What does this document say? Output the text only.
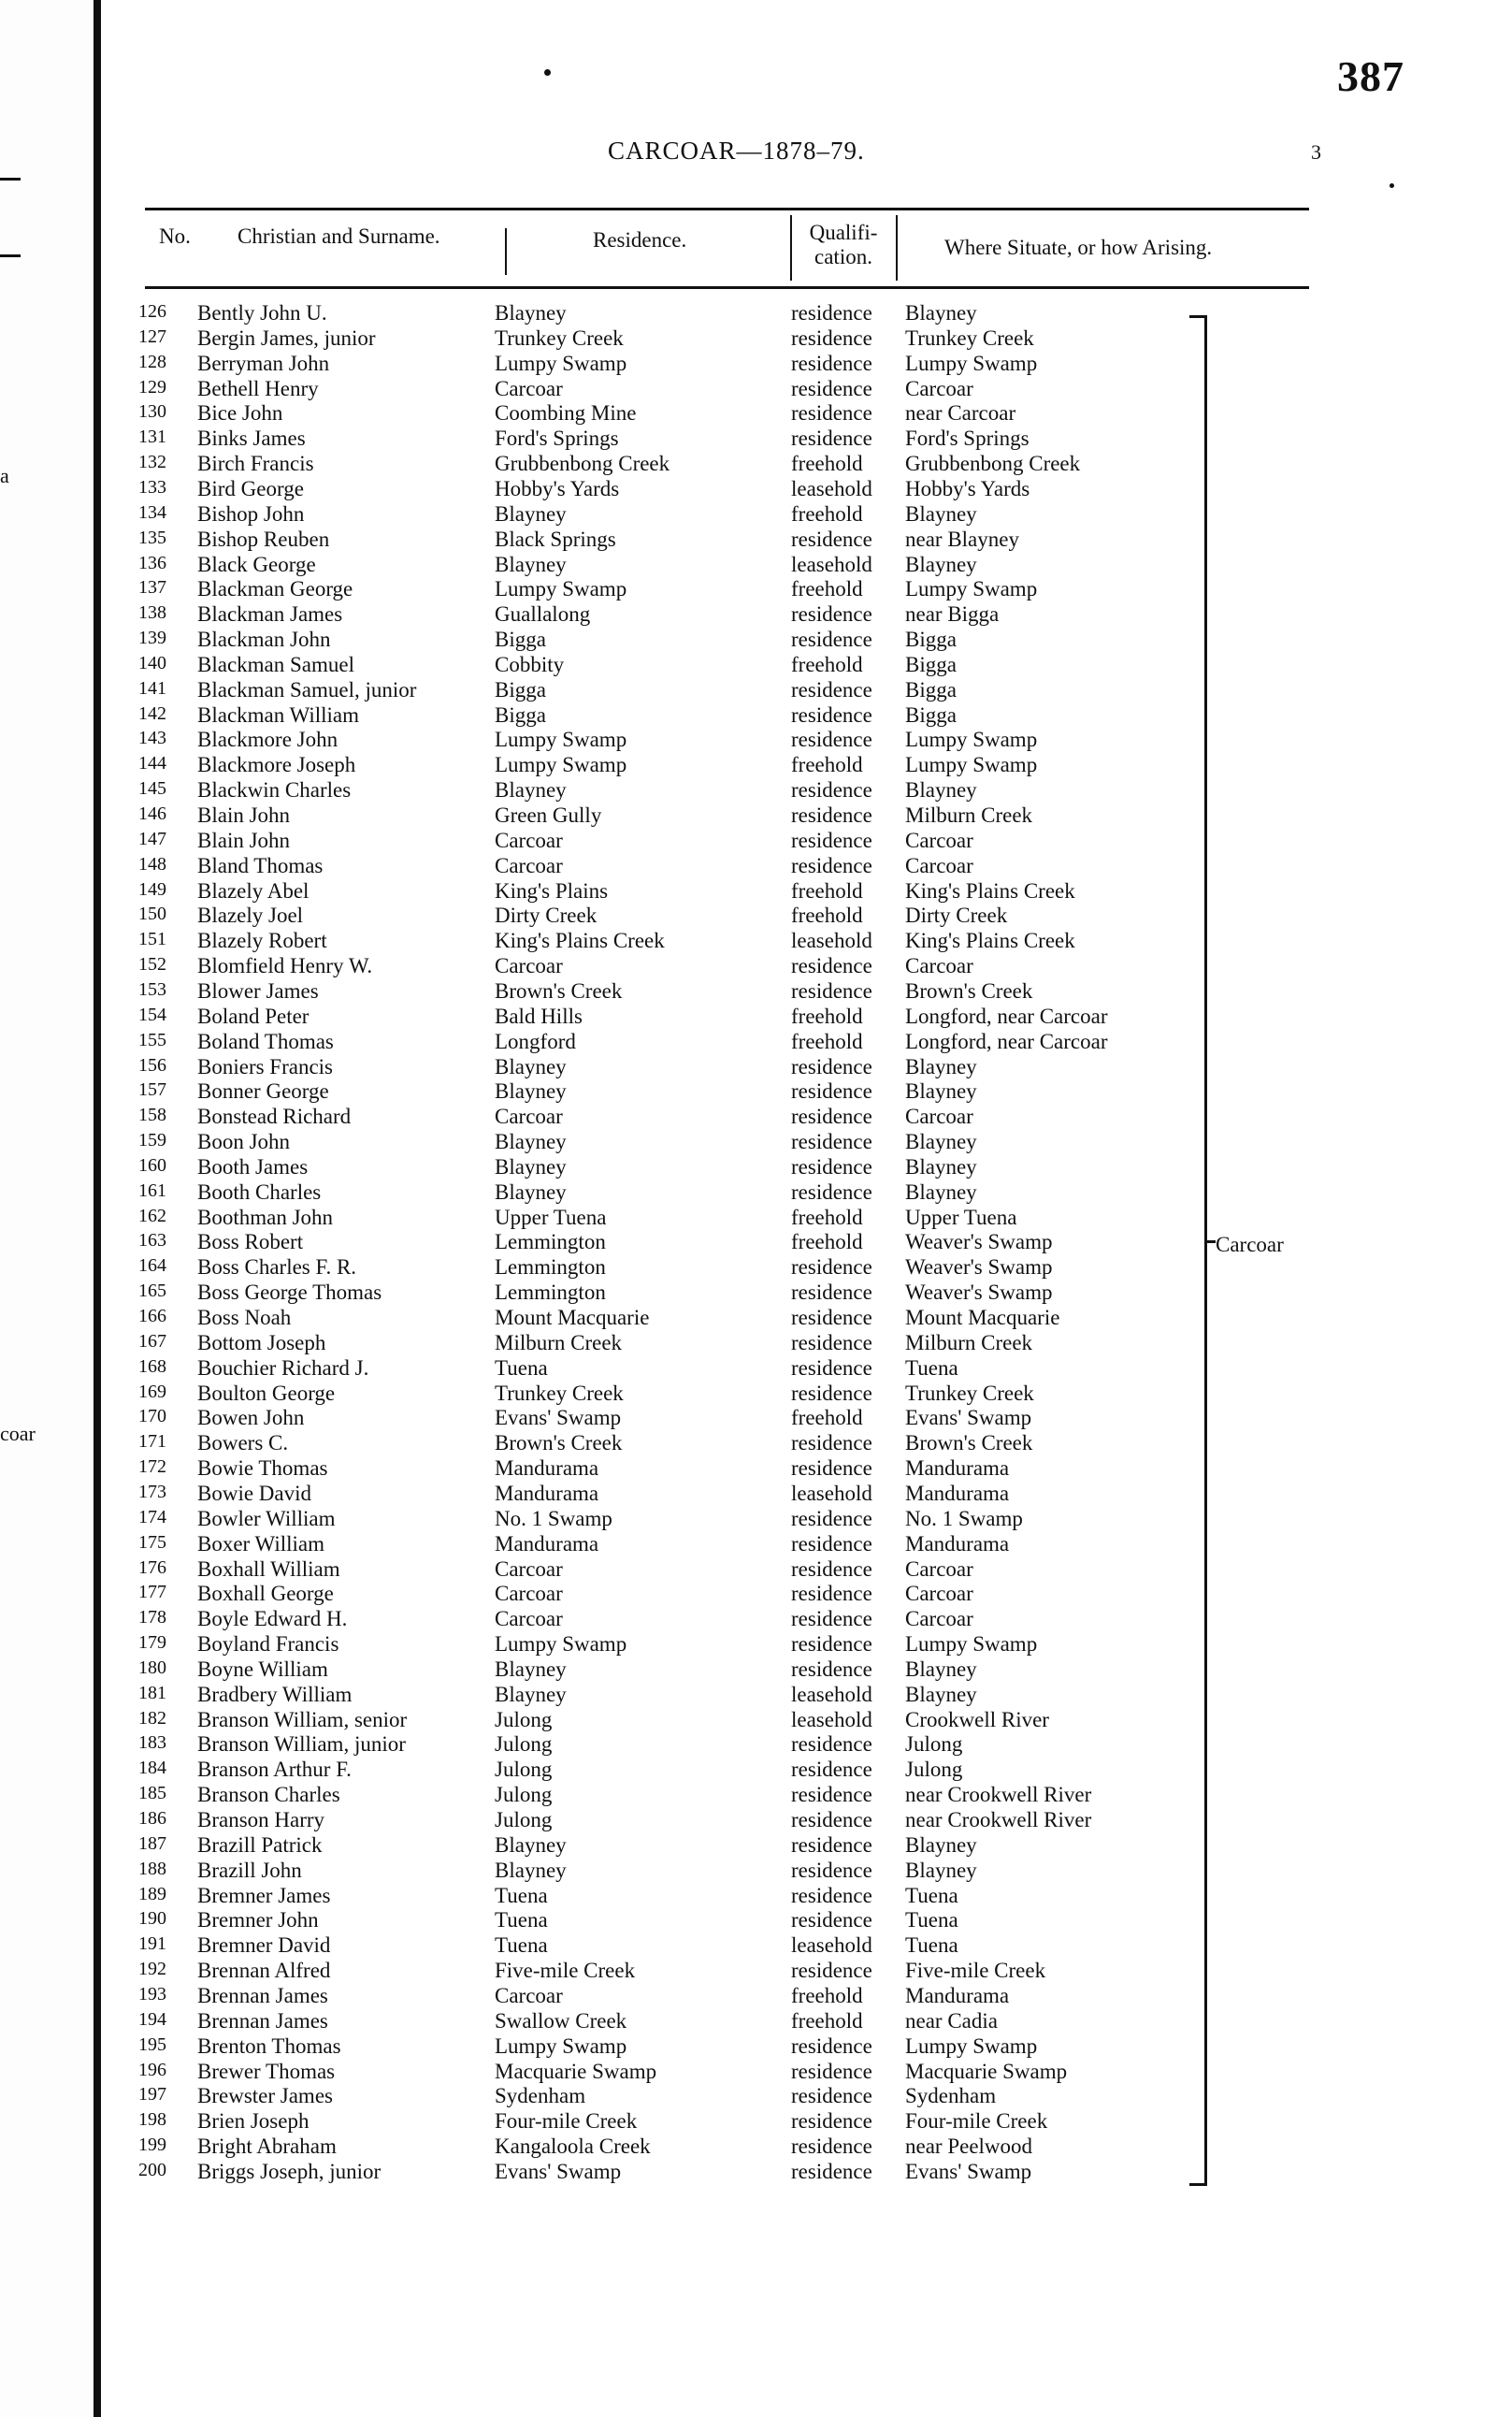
a
coar
387
CARCOAR—1878–79.	3
No. Christian and Surname.	Residence.	Qualifi-
cation.	Where Situate, or how Arising.
126	Bently John U.	Blayney	residence Blayney
127	Bergin James, junior	Trunkey Creek	residence Trunkey Creek
128	Berryman John	Lumpy Swamp	residence Lumpy Swamp
129	Bethell Henry	Carcoar	residence Carcoar
130	Bice John	Coombing Mine	residence near Carcoar
131	Binks James	Ford's Springs	residence Ford's Springs
132	Birch Francis	Grubbenbong Creek	freehold Grubbenbong Creek
133	Bird George	Hobby's Yards	leasehold Hobby's Yards
134	Bishop John	Blayney	freehold Blayney
135	Bishop Reuben	Black Springs	residence near Blayney
136	Black George	Blayney	leasehold Blayney
137	Blackman George	Lumpy Swamp	freehold Lumpy Swamp
138	Blackman James	Guallalong	residence near Bigga
139	Blackman John	Bigga	residence Bigga
140	Blackman Samuel	Cobbity	freehold Bigga
141	Blackman Samuel, junior	Bigga	residence Bigga
142	Blackman William	Bigga	residence Bigga
143	Blackmore John	Lumpy Swamp	residence Lumpy Swamp
144	Blackmore Joseph	Lumpy Swamp	freehold Lumpy Swamp
145	Blackwin Charles	Blayney	residence Blayney
146	Blain John	Green Gully	residence Milburn Creek
147	Blain John	Carcoar	residence Carcoar
148	Bland Thomas	Carcoar	residence Carcoar
149	Blazely Abel	King's Plains	freehold King's Plains Creek
150	Blazely Joel	Dirty Creek	freehold Dirty Creek
151	Blazely Robert	King's Plains Creek	leasehold King's Plains Creek
152	Blomfield Henry W.	Carcoar	residence Carcoar
153	Blower James	Brown's Creek	residence Brown's Creek
154	Boland Peter	Bald Hills	freehold Longford, near Carcoar
155	Boland Thomas	Longford	freehold Longford, near Carcoar
156	Boniers Francis	Blayney	residence Blayney
157	Bonner George	Blayney	residence Blayney
158	Bonstead Richard	Carcoar	residence Carcoar
159	Boon John	Blayney	residence Blayney
160	Booth James	Blayney	residence Blayney
161	Booth Charles	Blayney	residence Blayney
162	Boothman John	Upper Tuena	freehold Upper Tuena
163	Boss Robert	Lemmington	freehold Weaver's Swamp
164	Boss Charles F. R.	Lemmington	residence Weaver's Swamp
165	Boss George Thomas	Lemmington	residence Weaver's Swamp
166	Boss Noah	Mount Macquarie	residence Mount Macquarie
167	Bottom Joseph	Milburn Creek	residence Milburn Creek
168	Bouchier Richard J.	Tuena	residence Tuena
169	Boulton George	Trunkey Creek	residence Trunkey Creek
170	Bowen John	Evans' Swamp	freehold Evans' Swamp
171	Bowers C.	Brown's Creek	residence Brown's Creek
172	Bowie Thomas	Mandurama	residence Mandurama
173	Bowie David	Mandurama	leasehold Mandurama
174	Bowler William	No. 1 Swamp	residence No. 1 Swamp
175	Boxer William	Mandurama	residence Mandurama
176	Boxhall William	Carcoar	residence Carcoar
177	Boxhall George	Carcoar	residence Carcoar
178	Boyle Edward H.	Carcoar	residence Carcoar
179	Boyland Francis	Lumpy Swamp	residence Lumpy Swamp
180	Boyne William	Blayney	residence Blayney
181	Bradbery William	Blayney	leasehold Blayney
182	Branson William, senior	Julong	leasehold Crookwell River
183	Branson William, junior	Julong	residence Julong
184	Branson Arthur F.	Julong	residence Julong
185	Branson Charles	Julong	residence near Crookwell River
186	Branson Harry	Julong	residence near Crookwell River
187	Brazill Patrick	Blayney	residence Blayney
188	Brazill John	Blayney	residence Blayney
189	Bremner James	Tuena	residence Tuena
190	Bremner John	Tuena	residence Tuena
191	Bremner David	Tuena	leasehold Tuena
192	Brennan Alfred	Five-mile Creek	residence Five-mile Creek
193	Brennan James	Carcoar	freehold Mandurama
194	Brennan James	Swallow Creek	freehold near Cadia
195	Brenton Thomas	Lumpy Swamp	residence Lumpy Swamp
196	Brewer Thomas	Macquarie Swamp	residence Macquarie Swamp
197	Brewster James	Sydenham	residence Sydenham
198	Brien Joseph	Four-mile Creek	residence Four-mile Creek
199	Bright Abraham	Kangaloola Creek	residence near Peelwood
200	Briggs Joseph, junior	Evans' Swamp	residence Evans' Swamp
Carcoar
